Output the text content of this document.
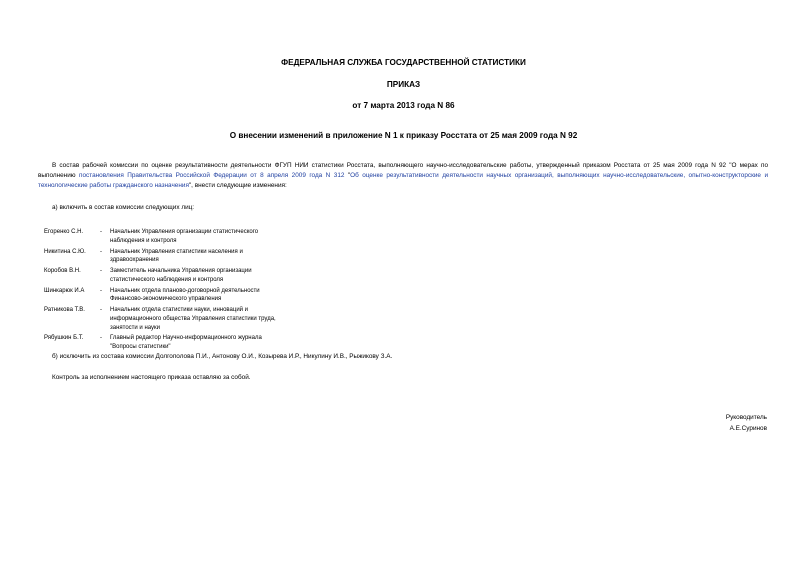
ФЕДЕРАЛЬНАЯ СЛУЖБА ГОСУДАРСТВЕННОЙ СТАТИСТИКИ
ПРИКАЗ
от 7 марта 2013 года N 86
О внесении изменений в приложение N 1 к приказу Росстата от 25 мая 2009 года N 92
В состав рабочей комиссии по оценке результативности деятельности ФГУП НИИ статистики Росстата, выполняющего научно-исследовательские работы, утвержденный приказом Росстата от 25 мая 2009 года N 92 "О мерах по выполнению постановления Правительства Российской Федерации от 8 апреля 2009 года N 312 "Об оценке результативности деятельности научных организаций, выполняющих научно-исследовательские, опытно-конструкторские и технологические работы гражданского назначения", внести следующие изменения:
а) включить в состав комиссии следующих лиц:
Егоренко С.Н.	-	Начальник Управления организации статистического наблюдения и контроля
Никитина С.Ю.	-	Начальник Управления статистики населения и здравоохранения
Коробов В.Н.	-	Заместитель начальника Управления организации статистического наблюдения и контроля
Шинкарюк И.А	-	Начальник отдела планово-договорной деятельности Финансово-экономического управления
Ратникова Т.В.	-	Начальник отдела статистики науки, инноваций и информационного общества Управления статистики труда, занятости и науки
Рябушкин Б.Т.	-	Главный редактор Научно-информационного журнала "Вопросы статистики"
б) исключить из состава комиссии Долгополова П.И., Антонову О.И., Козырева И.Р., Никулину И.В., Рыжикову З.А.
Контроль за исполнением настоящего приказа оставляю за собой.
Руководитель
А.Е.Суринов
